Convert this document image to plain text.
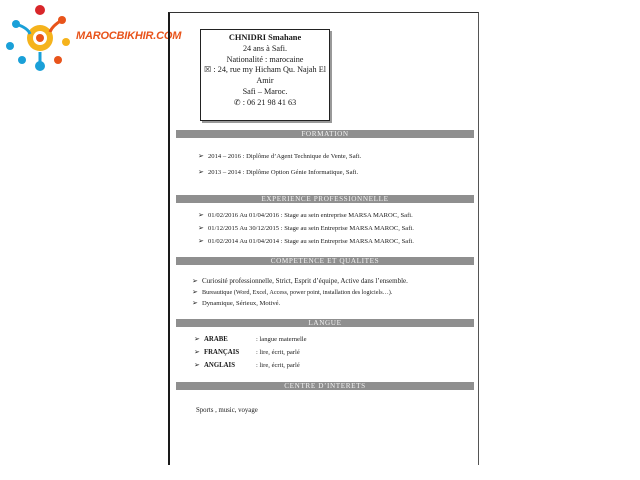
MAROCBIKHIR.COM	CHNIDRI Smahane
24 ans à Safi.
Nationalité : marocaine
☒ : 24, rue my Hicham Qu. Najah El
Amir
Safi – Maroc.
✆ : 06 21 98 41 63
FORMATION
➢ 2014 – 2016 : Diplôme d’Agent Technique de Vente, Safi.
➢ 2013 – 2014 : Diplôme Option Génie Informatique, Safi.
EXPERIENCE PROFESSIONNELLE
➢ 01/02/2016 Au 01/04/2016 : Stage au sein entreprise MARSA MAROC, Safi.
➢ 01/12/2015 Au 30/12/2015 : Stage au sein Entreprise MARSA MAROC, Safi.
➢ 01/02/2014 Au 01/04/2014 : Stage au sein Entreprise MARSA MAROC, Safi.
COMPETENCE ET QUALITES
➢ Curiosité professionnelle, Strict, Esprit d’équipe, Active dans l’ensemble.
➢ Bureautique (Word, Excel, Access, power point, installation des logiciels…).
➢ Dynamique, Sérieux, Motivé.
LANGUE
➢ ARABE	: langue maternelle
➢ FRANÇAIS	: lire, écrit, parlé
➢ ANGLAIS	: lire, écrit, parlé
CENTRE D’INTERETS
Sports , music, voyage
